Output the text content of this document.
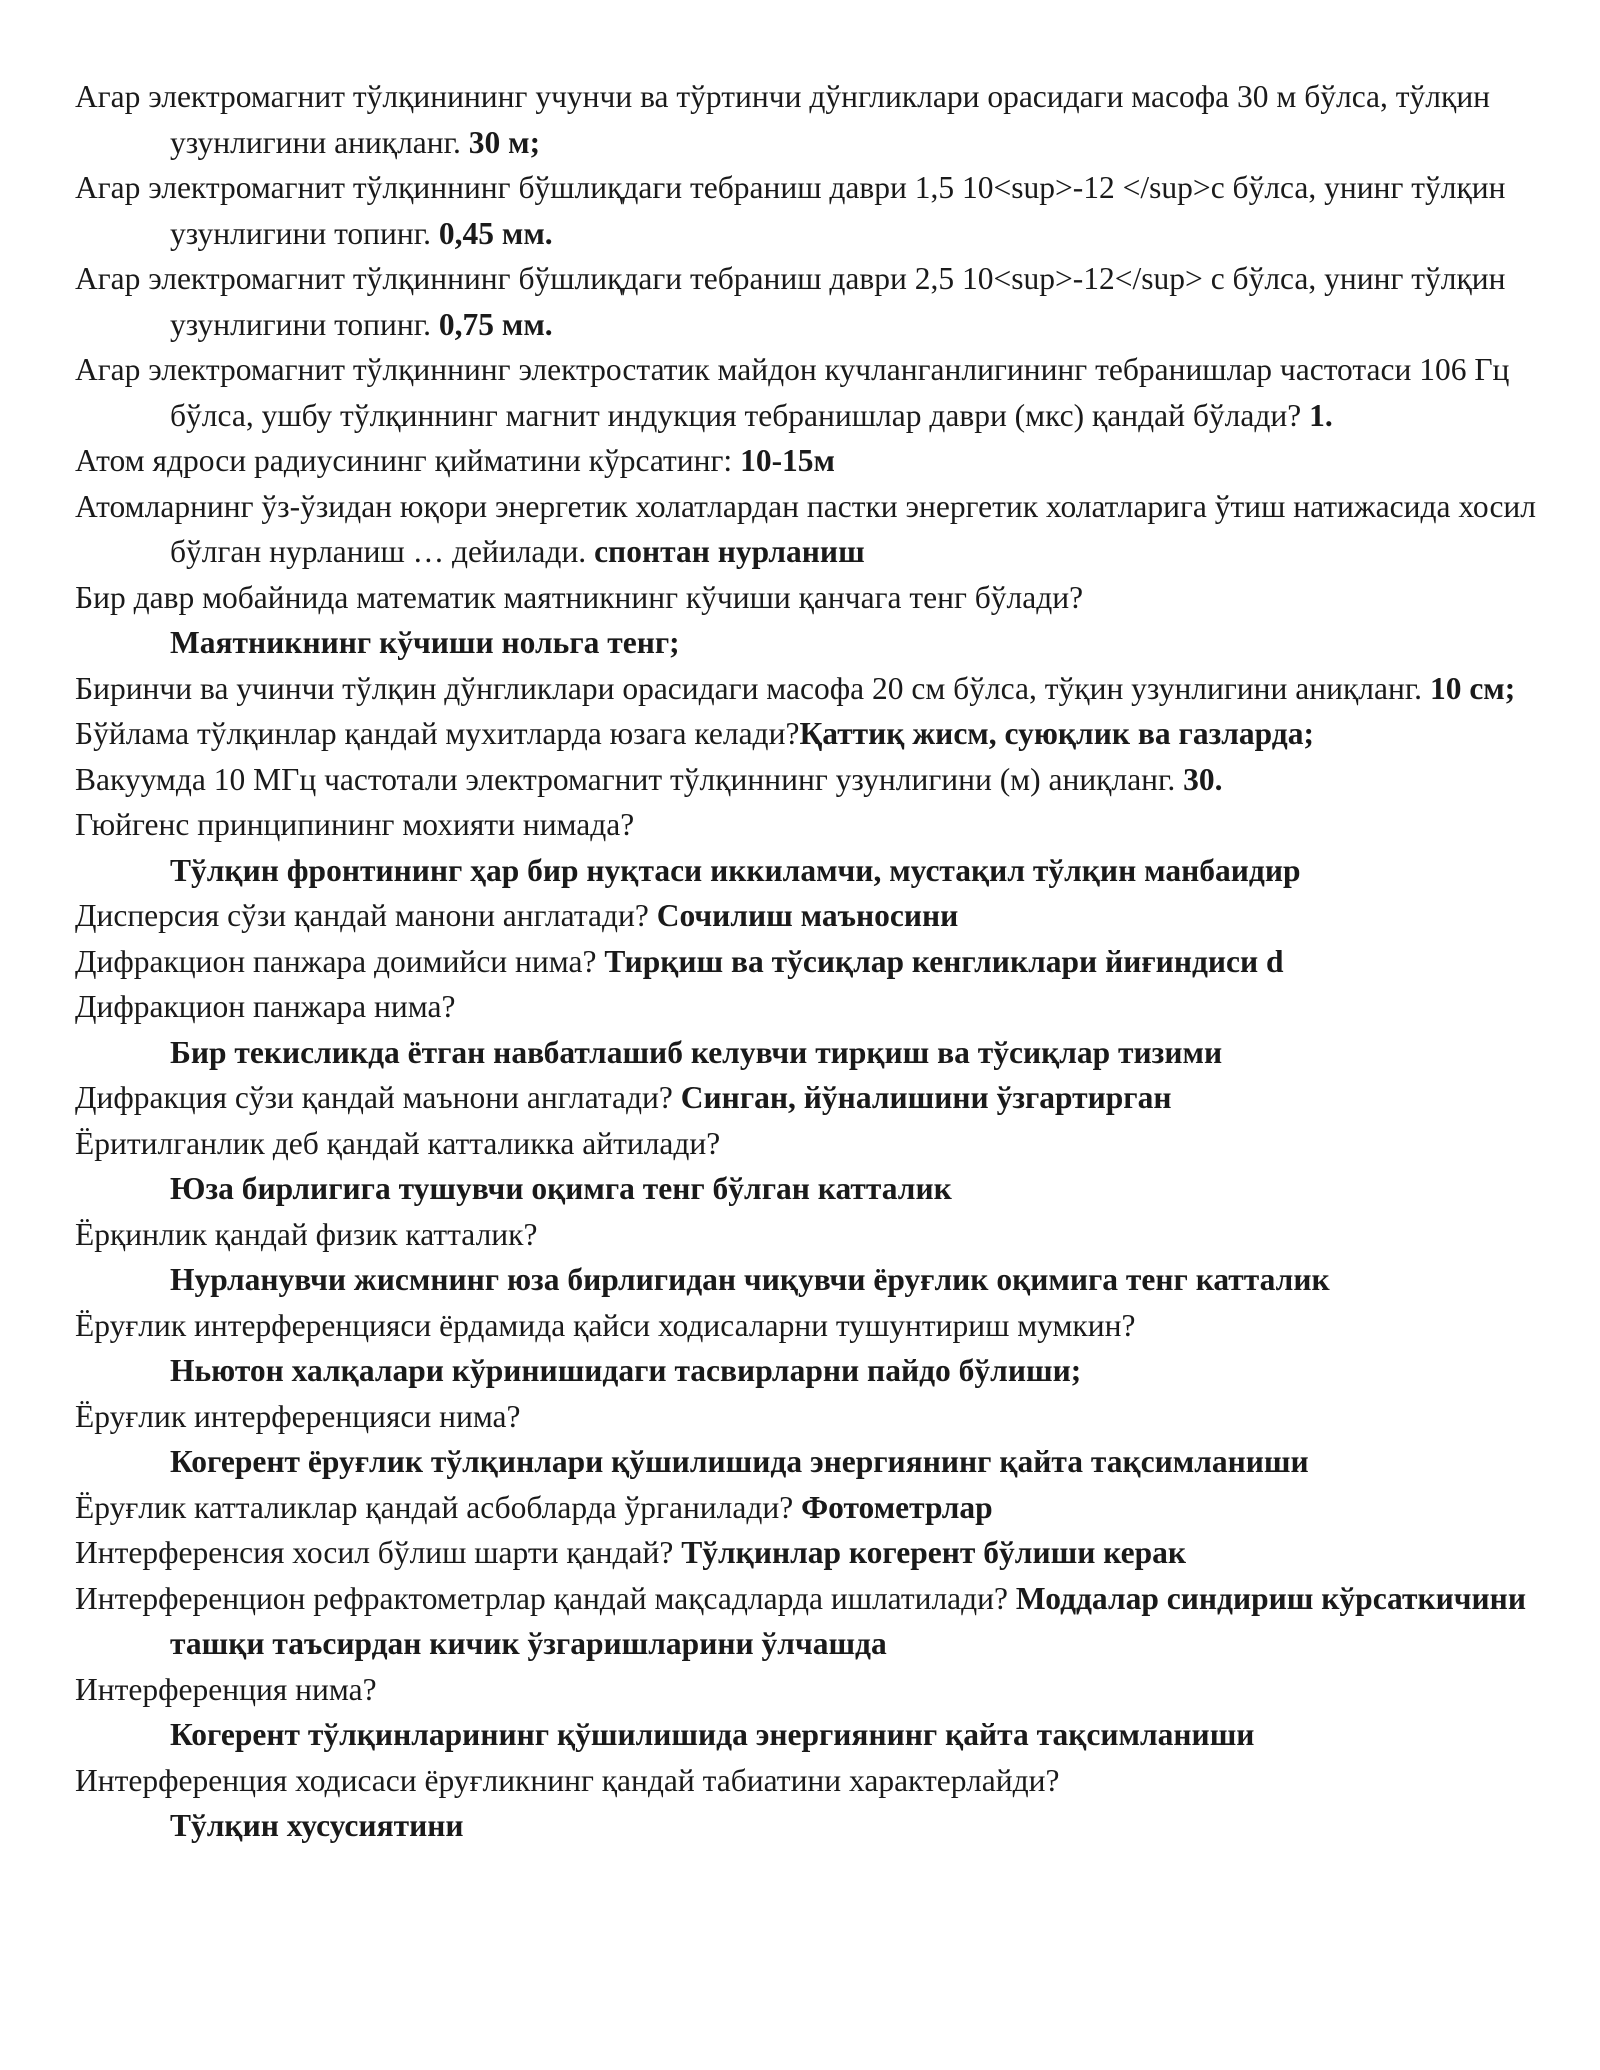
Агар электромагнит тўлқинининг учунчи ва тўртинчи дўнгликлари орасидаги масофа 30 м бўлса, тўлқин узунлигини аниқланг. 30 м;

Агар электромагнит тўлқиннинг бўшлиқдаги тебраниш даври 1,5 10<sup>-12 </sup>с бўлса, унинг тўлқин узунлигини топинг. 0,45 мм.

Агар электромагнит тўлқиннинг бўшлиқдаги тебраниш даври 2,5 10<sup>-12</sup> с бўлса, унинг тўлқин узунлигини топинг. 0,75 мм.

Агар электромагнит тўлқиннинг электростатик майдон кучланганлигининг тебранишлар частотаси 106 Гц бўлса, ушбу тўлқиннинг магнит индукция тебранишлар даври (мкс) қандай бўлади? 1.

Атом ядроси радиусининг қийматини кўрсатинг: 10-15м

Атомларнинг ўз-ўзидан юқори энергетик холатлардан пастки энергетик холатларига ўтиш натижасида хосил бўлган нурланиш … дейилади. спонтан нурланиш

Бир давр мобайнида математик маятникнинг кўчиши қанчага тенг бўлади?
Маятникнинг кўчиши нольга тенг;

Биринчи ва учинчи тўлқин дўнгликлари орасидаги масофа 20 см бўлса, тўқин узунлигини аниқланг. 10 см;

Бўйлама тўлқинлар қандай мухитларда юзага келади?Қаттиқ жисм, суюқлик ва газларда;

Вакуумда 10 МГц частотали электромагнит тўлқиннинг узунлигини (м) аниқланг. 30.

Гюйгенс принципининг мохияти нимада?
Тўлқин фронтининг ҳар бир нуқтаси иккиламчи, мустақил тўлқин манбаидир

Дисперсия сўзи қандай манони англатади? Сочилиш маъносини

Дифракцион панжара доимийси нима? Тирқиш ва тўсиқлар кенгликлари йиғиндиси d

Дифракцион панжара нима?
Бир текисликда ётган навбатлашиб келувчи тирқиш ва тўсиқлар тизими

Дифракция сўзи қандай маънони англатади? Синган, йўналишини ўзгартирган

Ёритилганлик деб қандай катталикка айтилади?
Юза бирлигига тушувчи оқимга тенг бўлган катталик

Ёрқинлик қандай физик катталик?
Нурланувчи жисмнинг юза бирлигидан чиқувчи ёруғлик оқимига тенг катталик

Ёруғлик интерференцияси ёрдамида қайси ходисаларни тушунтириш мумкин?
Ньютон халқалари кўринишидаги тасвирларни пайдо бўлиши;

Ёруғлик интерференцияси нима?
Когерент ёруғлик тўлқинлари қўшилишида энергиянинг қайта тақсимланиши

Ёруғлик катталиклар қандай асбобларда ўрганилади? Фотометрлар

Интерференсия хосил бўлиш шарти қандай? Тўлқинлар когерент бўлиши керак

Интерференцион рефрактометрлар қандай мақсадларда ишлатилади? Моддалар синдириш кўрсаткичини ташқи таъсирдан кичик ўзгаришларини ўлчашда

Интерференция нима?
Когерент тўлқинларининг қўшилишида энергиянинг қайта тақсимланиши

Интерференция ходисаси ёруғликнинг қандай табиатини характерлайди?
Тўлқин хусусиятини
